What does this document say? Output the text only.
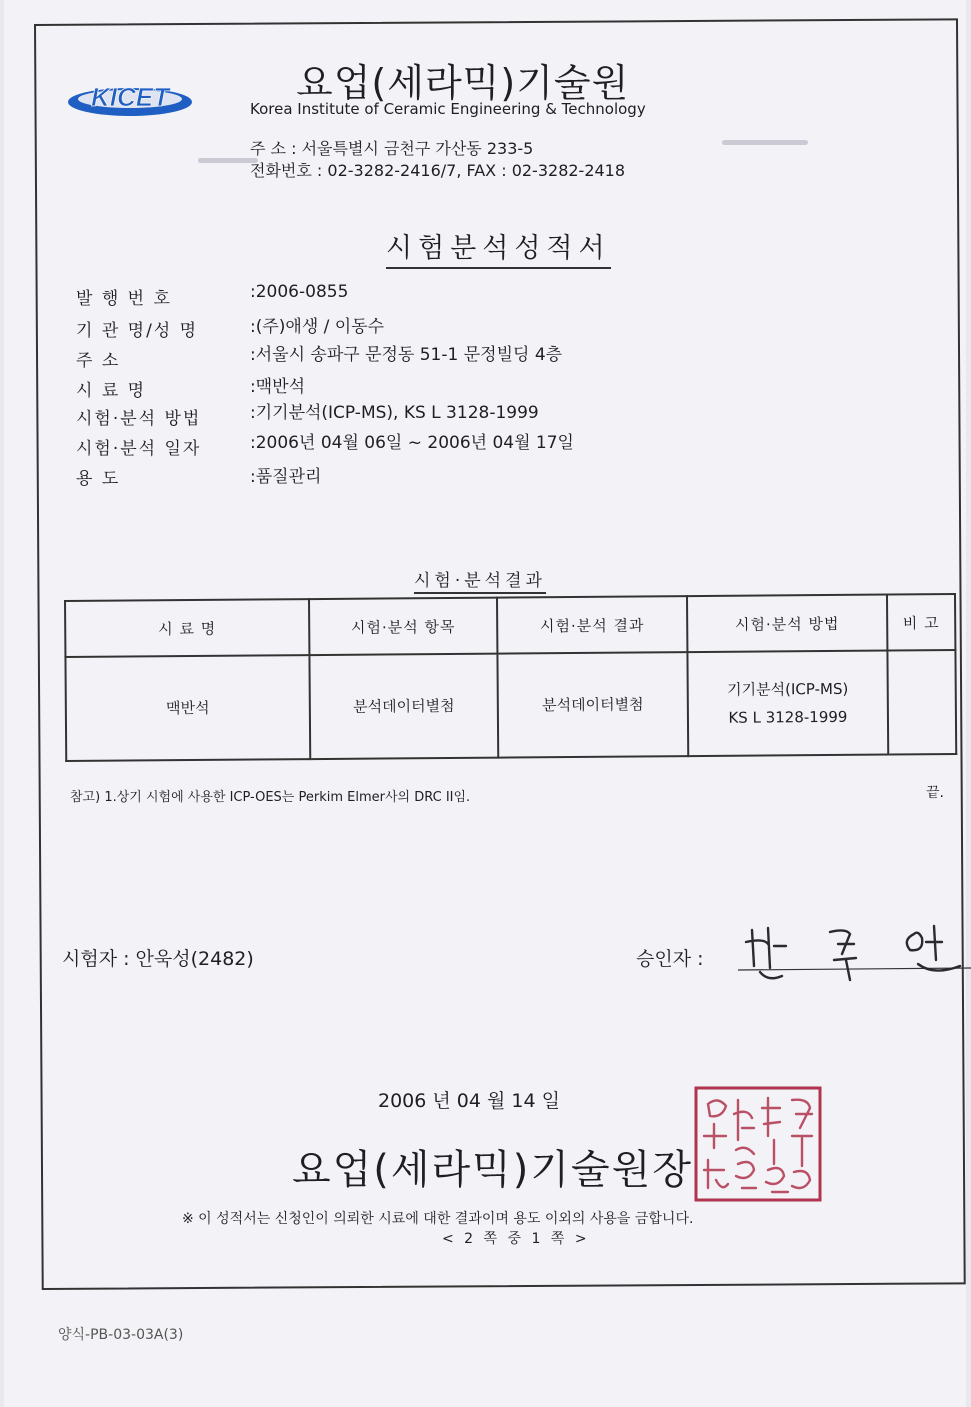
KICET	요업(세라믹)기술원
Korea Institute of Ceramic Engineering & Technology
주 소 : 서울특별시 금천구 가산동 233-5
전화번호 : 02-3282-2416/7, FAX : 02-3282-2418
시험분석성적서
발 행 번 호	:2006-0855
기 관 명/성 명	:(주)애생 / 이동수
주 소	:서울시 송파구 문정동 51-1 문정빌딩 4층
시 료 명	:맥반석
시험·분석 방법	:기기분석(ICP-MS), KS L 3128-1999
시험·분석 일자	:2006년 04월 06일 ~ 2006년 04월 17일
용 도	:품질관리
시험·분석결과
시 료 명	시험·분석 항목	시험·분석 결과	시험·분석 방법	비 고
맥반석	분석데이터별첨	분석데이터별첨	기기분석(ICP-MS)
KS L 3128-1999	

참고) 1.상기 시험에 사용한 ICP-OES는 Perkim Elmer사의 DRC II임.	끝.
시험자 : 안욱성(2482)	승인자 :
2006 년 04 월 14 일
요업(세라믹)기술원장
※ 이 성적서는 신청인이 의뢰한 시료에 대한 결과이며 용도 이외의 사용을 금합니다.
< 2 쪽 중 1 쪽 >
양식-PB-03-03A(3)
